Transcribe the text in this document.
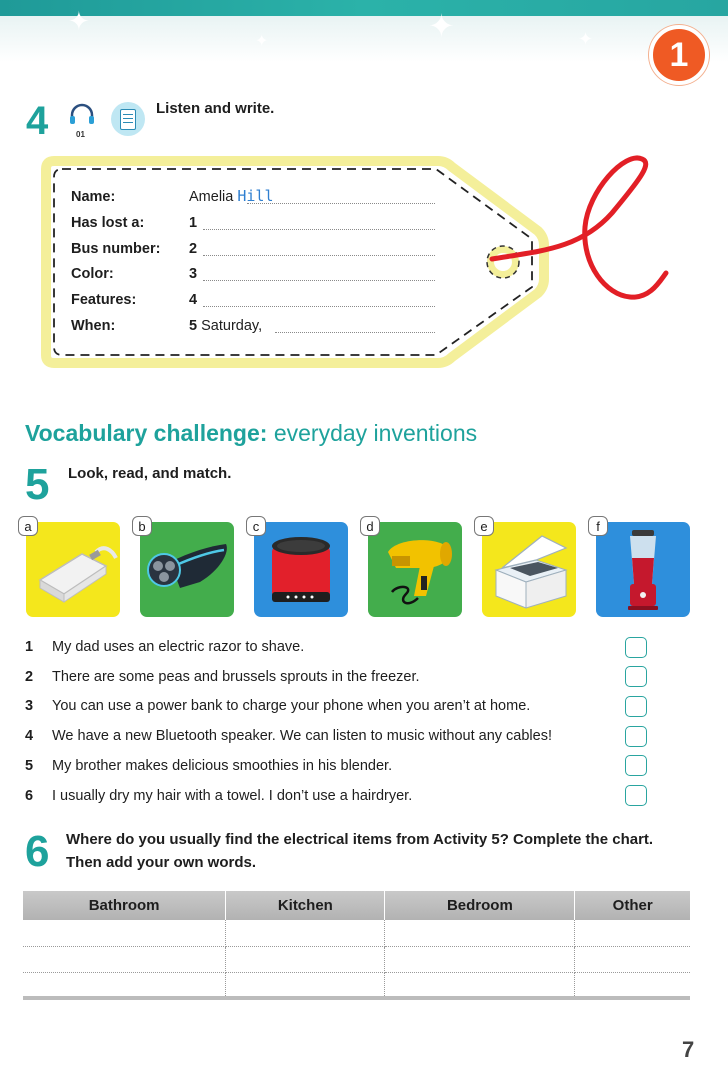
✦
✦	✦	✦	1
4	01
Listen and write.
Name:	Amelia Hill
Has lost a:	1
Bus number: 2
Color:	3
Features:	4
When:	5 Saturday,
Vocabulary challenge: everyday inventions
5 Look, read, and match.
a	b	c	d	e	f
1	My dad uses an electric razor to shave.
2	There are some peas and brussels sprouts in the freezer.
3	You can use a power bank to charge your phone when you aren’t at home.
4	We have a new Bluetooth speaker. We can listen to music without any cables!
5	My brother makes delicious smoothies in his blender.
6	I usually dry my hair with a towel. I don’t use a hairdryer.
6 Where do you usually find the electrical items from Activity 5? Complete the chart.
Then add your own words.
Bathroom	Kitchen	Bedroom	Other

7
